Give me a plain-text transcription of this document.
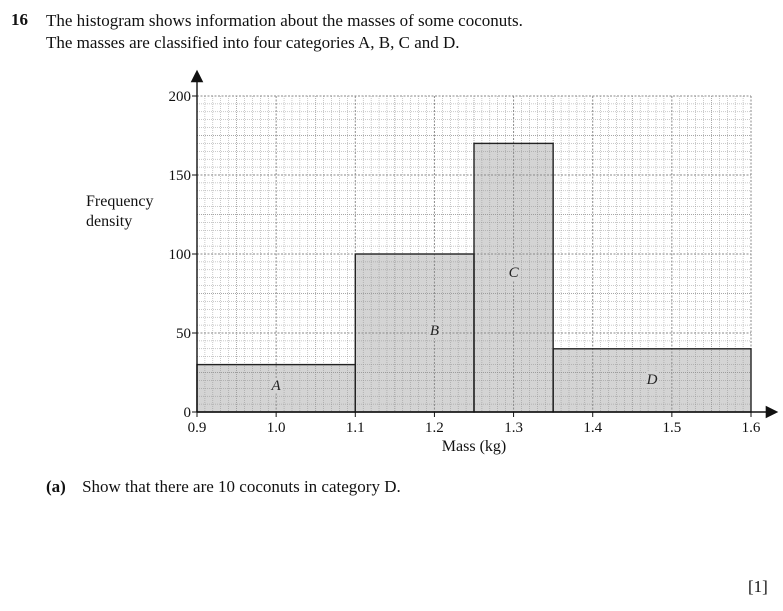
16 The histogram shows information about the masses of some coconuts.
The masses are classified into four categories A, B, C and D.
Frequency
density
0.9	1.0	1.1	1.2	1.3	1.4	1.5	1.6
0
50
100
150
200
Mass (kg)
A
B
C
D
(a) Show that there are 10 coconuts in category D.
[1]
